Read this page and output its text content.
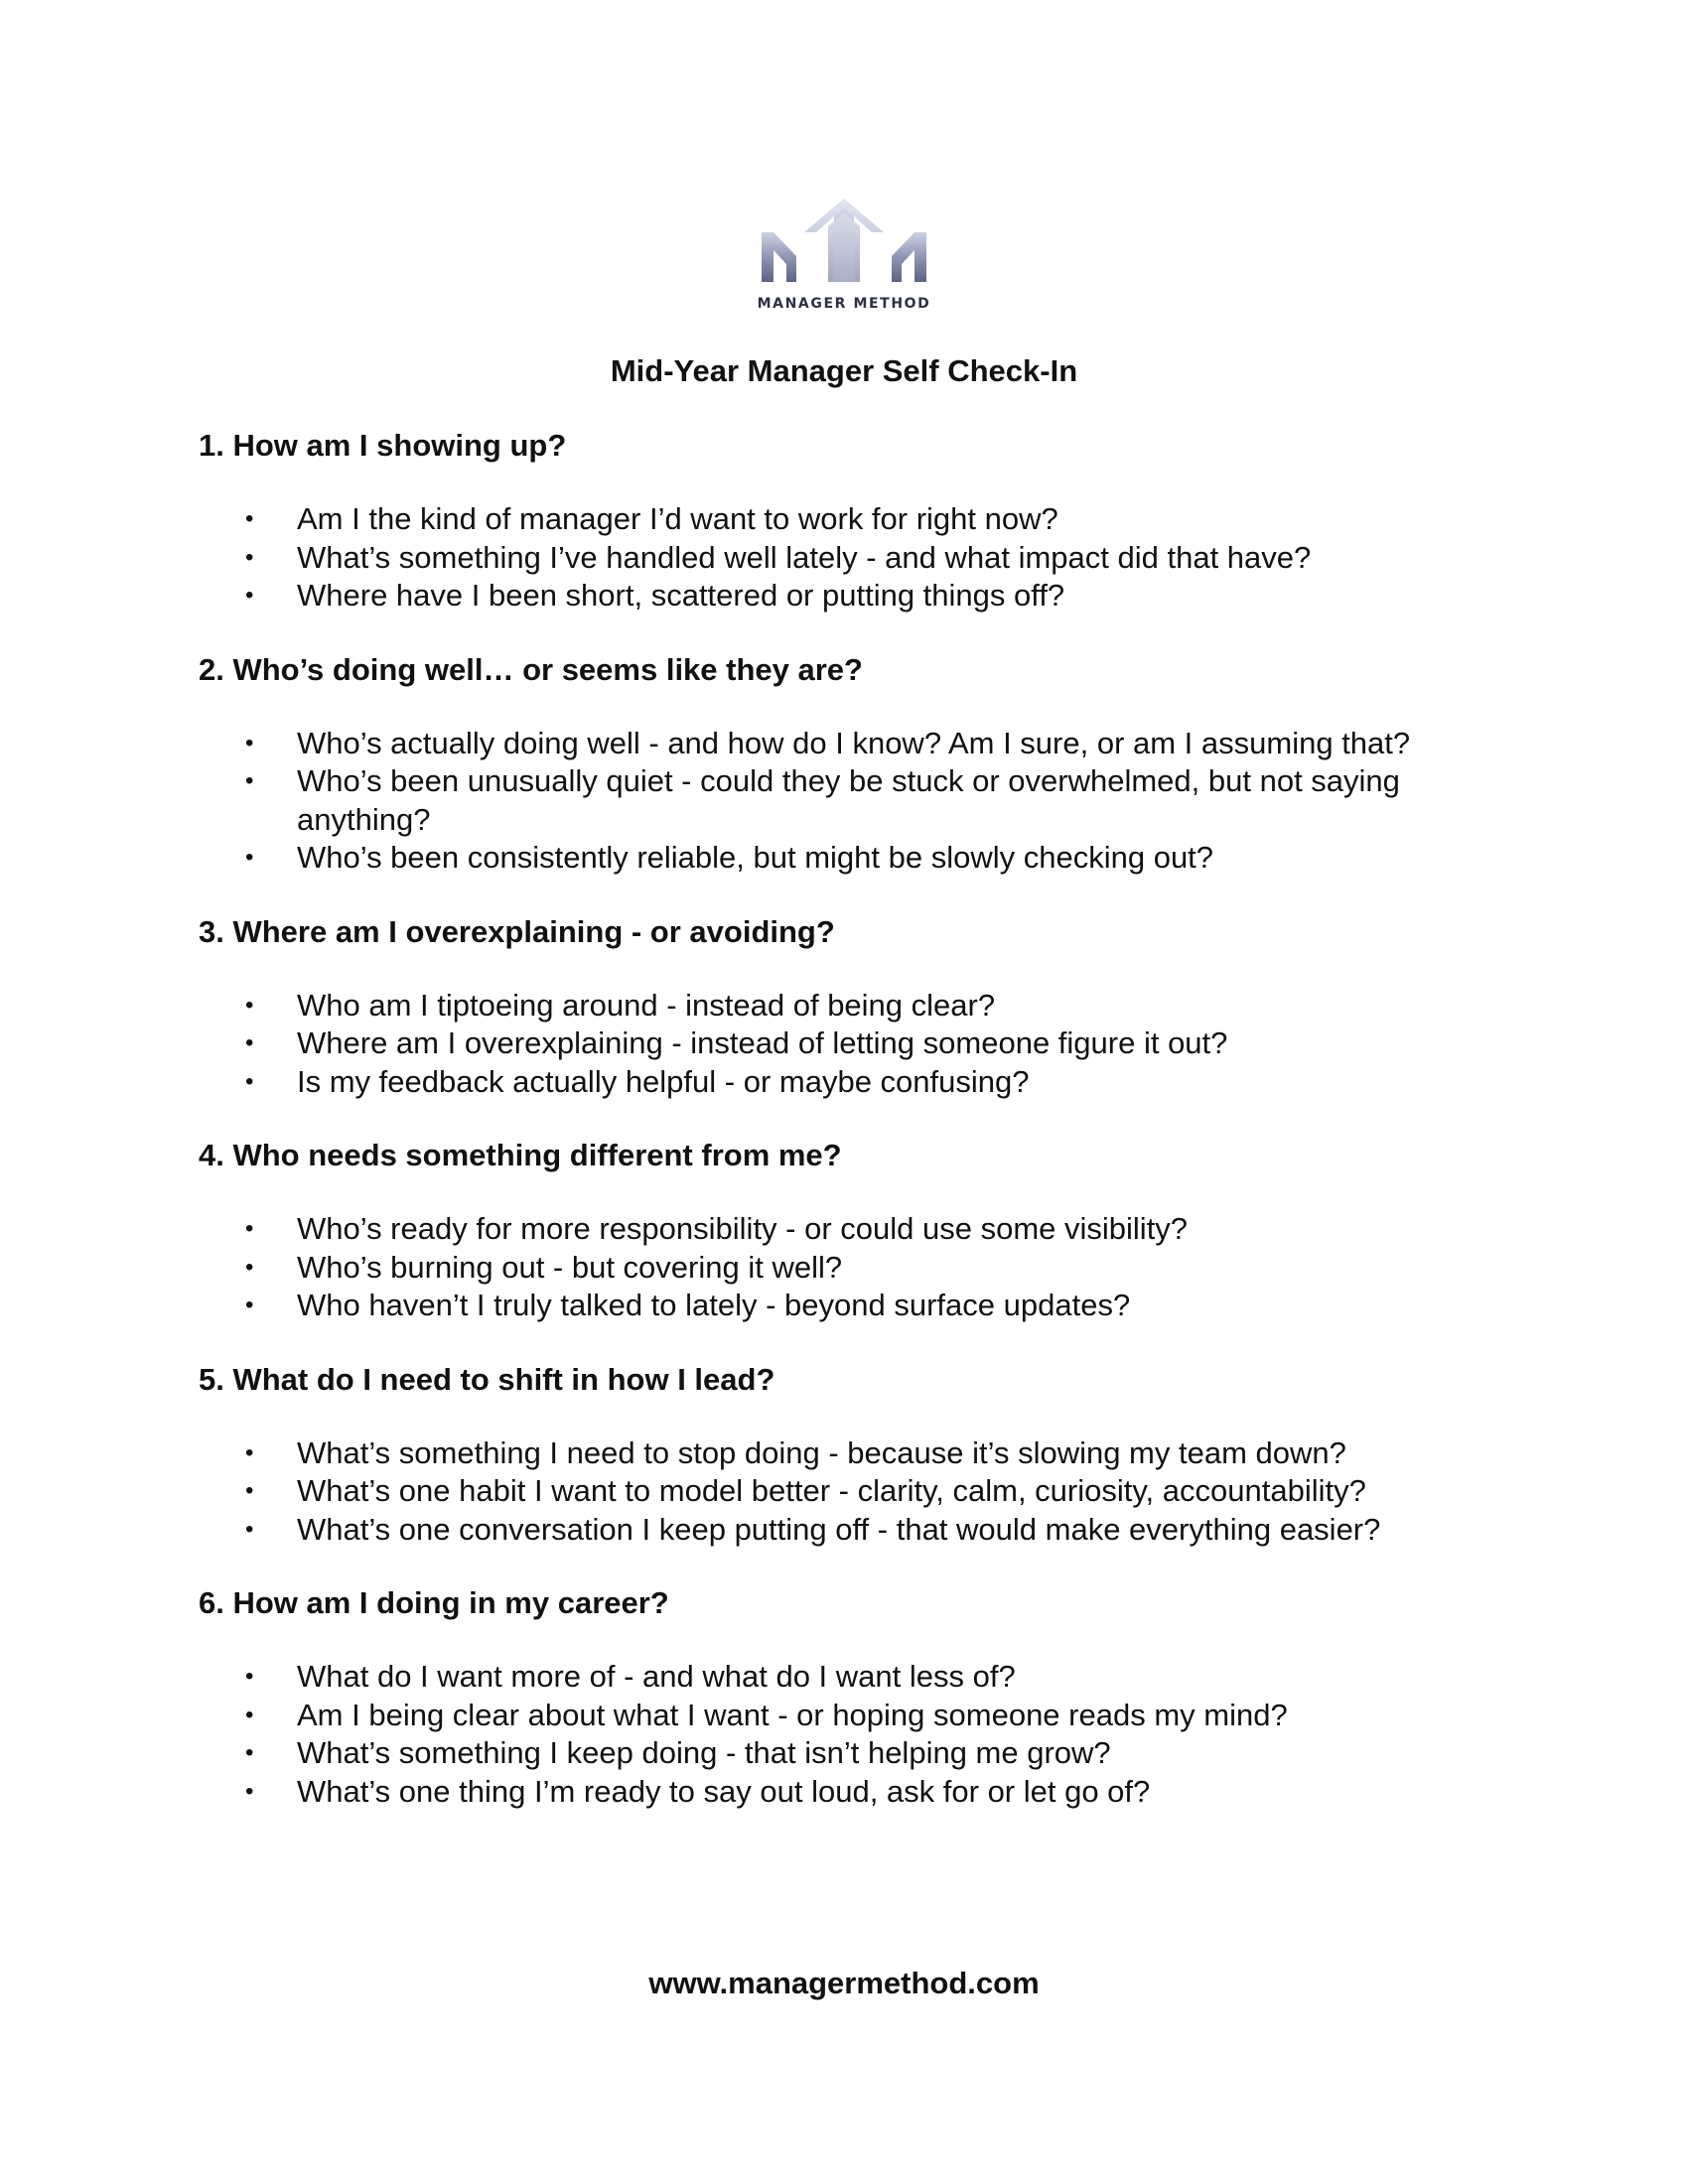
MANAGER METHOD
Mid-Year Manager Self Check-In
1. How am I showing up?
• Am I the kind of manager I’d want to work for right now?
• What’s something I’ve handled well lately - and what impact did that have?
• Where have I been short, scattered or putting things off?
2. Who’s doing well… or seems like they are?
• Who’s actually doing well - and how do I know? Am I sure, or am I assuming that?
• Who’s been unusually quiet - could they be stuck or overwhelmed, but not saying anything?
• Who’s been consistently reliable, but might be slowly checking out?
3. Where am I overexplaining - or avoiding?
• Who am I tiptoeing around - instead of being clear?
• Where am I overexplaining - instead of letting someone figure it out?
• Is my feedback actually helpful - or maybe confusing?
4. Who needs something different from me?
• Who’s ready for more responsibility - or could use some visibility?
• Who’s burning out - but covering it well?
• Who haven’t I truly talked to lately - beyond surface updates?
5. What do I need to shift in how I lead?
• What’s something I need to stop doing - because it’s slowing my team down?
• What’s one habit I want to model better - clarity, calm, curiosity, accountability?
• What’s one conversation I keep putting off - that would make everything easier?
6. How am I doing in my career?
• What do I want more of - and what do I want less of?
• Am I being clear about what I want - or hoping someone reads my mind?
• What’s something I keep doing - that isn’t helping me grow?
• What’s one thing I’m ready to say out loud, ask for or let go of?
www.managermethod.com
